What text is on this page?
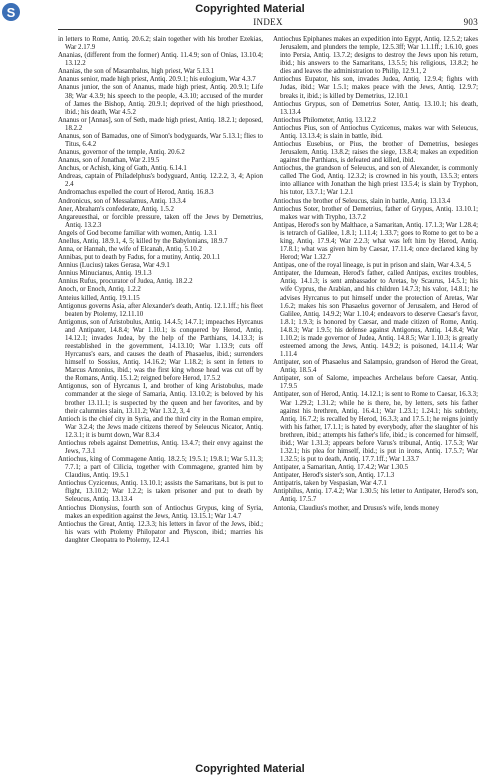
S	Copyrighted Material
INDEX	903

in letters to Rome, Antiq. 20.6.2; slain together with his brother Ezekias, War 2.17.9

Ananias, (different from the former) Antiq. 11.4.9; son of Onias, 13.10.4; 13.12.2

Ananias, the son of Masambalus, high priest, War 5.13.1

Ananus senior, made high priest, Antiq. 20.9.1; his eulogium, War 4.3.7

Ananus junior, the son of Ananus, made high priest, Antiq. 20.9.1; Life 38; War 4.3.9; his speech to the people, 4.3.10; accused of the murder of James the Bishop, Antiq. 20.9.1; deprived of the high priesthood, ibid.; his death, War 4.5.2

Ananus or [Annas], son of Seth, made high priest, Antiq. 18.2.1; deposed, 18.2.2

Ananus, son of Bamadus, one of Simon's bodyguards, War 5.13.1; flies to Titus, 6.4.2

Ananus, governor of the temple, Antiq. 20.6.2

Ananus, son of Jonathan, War 2.19.5

Anchus, or Achish, king of Gath, Antiq. 6.14.1

Andreas, captain of Philadelphus's bodyguard, Antiq. 12.2.2, 3, 4; Apion 2.4

Andromachus expelled the court of Herod, Antiq. 16.8.3

Andronicus, son of Messalamus, Antiq. 13.3.4

Aner, Abraham's confederate, Antiq. 1.5.2

Angareuesthai, or forcible pressure, taken off the Jews by Demetrius, Antiq. 13.2.3

Angels of God become familiar with women, Antiq. 1.3.1

Anellus, Antiq. 18.9.1, 4, 5; killed by the Babylonians, 18.9.7

Anna, or Hannah, the wife of Elcanah, Antiq. 5.10.2

Annibas, put to death by Fadus, for a mutiny, Antiq. 20.1.1

Annius (Lucius) takes Gerasa, War 4.9.1

Annius Minucianus, Antiq. 19.1.3

Annius Rufus, procurator of Judea, Antiq. 18.2.2

Anoch, or Enoch, Antiq. 1.2.2

Anteius killed, Antiq. 19.1.15

Antigonus governs Asia, after Alexander's death, Antiq. 12.1.1ff.; his fleet beaten by Ptolemy, 12.11.10

Antigonus, son of Aristobulus, Antiq. 14.4.5; 14.7.1; impeaches Hyrcanus and Antipater, 14.8.4; War 1.10.1; is conquered by Herod, Antiq. 14.12.1; invades Judea, by the help of the Parthians, 14.13.3; is reestablished in the government, 14.13.10; War 1.13.9; cuts off Hyrcanus's ears, and causes the death of Phasaelus, ibid.; surrenders himself to Sossius, Antiq. 14.16.2; War 1.18.2; is sent in fetters to Marcus Antonius, ibid.; was the first king whose head was cut off by the Romans, Antiq. 15.1.2; reigned before Herod, 17.5.2

Antigonus, son of Hyrcanus I, and brother of king Aristobulus, made commander at the siege of Samaria, Antiq. 13.10.2; is beloved by his brother 13.11.1; is suspected by the queen and her favorites, and by their calumnies slain, 13.11.2; War 1.3.2, 3, 4

Antioch is the chief city in Syria, and the third city in the Roman empire, War 3.2.4; the Jews made citizens thereof by Seleucus Nicator, Antiq. 12.3.1; it is burnt down, War 8.3.4

Antiochus rebels against Demetrius, Antiq. 13.4.7; their envy against the Jews, 7.3.1

Antiochus, king of Commagene Antiq. 18.2.5; 19.5.1; 19.8.1; War 5.11.3; 7.7.1; a part of Cilicia, together with Commagene, granted him by Claudius, Antiq. 19.5.1

Antiochus Cyzicenus, Antiq. 13.10.1; assists the Samaritans, but is put to flight, 13.10.2; War 1.2.2; is taken prisoner and put to death by Seleucus, Antiq. 13.13.4

Antiochus Dionysius, fourth son of Antiochus Grypus, king of Syria, makes an expedition against the Jews, Antiq. 13.15.1; War 1.4.7

Antiochus the Great, Antiq. 12.3.3; his letters in favor of the Jews, ibid.; his wars with Ptolemy Philopator and Physcon, ibid.; marries his daughter Cleopatra to Ptolemy, 12.4.1

Antiochus Epiphanes makes an expedition into Egypt, Antiq. 12.5.2; takes Jerusalem, and plunders the temple, 12.5.3ff; War 1.1.1ff.; 1.6.10, goes into Persia, Antiq. 13.7.2; designs to destroy the Jews upon his return, ibid.; his answers to the Samaritans, 13.5.5; his religious, 13.8.2; he dies and leaves the administration to Philip, 12.9.1, 2

Antiochus Eupator, his son, invades Judea, Antiq. 12.9.4; fights with Judas, ibid.; War 1.5.1; makes peace with the Jews, Antiq. 12.9.7; breaks it, ibid.; is killed by Demetrius, 12.10.1

Antiochus Grypus, son of Demetrius Soter, Antiq. 13.10.1; his death, 13.13.4

Antiochus Philometer, Antiq. 13.12.2

Antiochus Pius, son of Antiochus Cyzicenus, makes war with Seleucus, Antiq. 13.13.4; is slain in battle, ibid.

Antiochus Eusebius, or Pius, the brother of Demetrius, besieges Jerusalem, Antiq. 13.8.2; raises the siege, 13.8.4; makes an expedition against the Parthians, is defeated and killed, ibid.

Antiochus, the grandson of Seleucus, and son of Alexander, is commonly called The God, Antiq. 12.3.2; is crowned in his youth, 13.5.3; enters into alliance with Jonathan the high priest 13.5.4; is slain by Tryphon, his tutor, 13.7.1; War 1.2.1

Antiochus the brother of Seleucus, slain in battle, Antiq. 13.13.4

Antiochus Soter, brother of Demetrius, father of Grypus, Antiq. 13.10.1; makes war with Trypho, 13.7.2

Antipas, Herod's son by Malthace, a Samaritan, Antiq. 17.1.3; War 1.28.4; is tetrarch of Galilee, 1.8.1; 1.11.4; 1.33.7; goes to Rome to get to be a king, Antiq. 17.9.4; War 2.2.3; what was left him by Herod, Antiq. 17.8.1; what was given him by Caesar, 17.11.4; once declared king by Herod; War 1.32.7

Antipas, one of the royal lineage, is put in prison and slain, War 4.3.4, 5

Antipater, the Idumean, Herod's father, called Antipas, excites troubles, Antiq. 14.1.3; is sent ambassador to Aretas, by Scaurus, 14.5.1; his wife Cyprus, the Arabian, and his children 14.7.3; his valor, 14.8.1; he advises Hyrcanus to put himself under the protection of Aretas, War 1.6.2; makes his son Phasaelus governor of Jerusalem, and Herod of Galilee, Antiq. 14.9.2; War 1.10.4; endeavors to deserve Caesar's favor, 1.8.1; 1.9.3; is honored by Caesar, and made citizen of Rome, Antiq. 14.8.3; War 1.9.5; his defense against Antigonus, Antiq. 14.8.4; War 1.10.2; is made governor of Judea, Antiq. 14.8.5; War 1.10.3; is greatly esteemed among the Jews, Antiq. 14.9.2; is poisoned, 14.11.4; War 1.11.4

Antipater, son of Phasaelus and Salampsio, grandson of Herod the Great, Antiq. 18.5.4

Antipater, son of Salome, impeaches Archelaus before Caesar, Antiq. 17.9.5

Antipater, son of Herod, Antiq. 14.12.1; is sent to Rome to Caesar, 16.3.3; War 1.29.2; 1.31.2; while he is there, he, by letters, sets his father against his brethren, Antiq. 16.4.1; War 1.23.1; 1.24.1; his subtlety, Antiq. 16.7.2; is recalled by Herod, 16.3.3; and 17.5.1; he reigns jointly with his father, 17.1.1; is hated by everybody, after the slaughter of his brethren, ibid.; attempts his father's life, ibid.; is concerned for himself, ibid.; War 1.31.3; appears before Varus's tribunal, Antiq. 17.5.3; War 1.32.1; his plea for himself, ibid.; is put in irons, Antiq. 17.5.7; War 1.32.5; is put to death, Antiq. 17.7.1ff.; War 1.33.7

Antipater, a Samaritan, Antiq. 17.4.2; War 1.30.5

Antipater, Herod's sister's son, Antiq. 17.1.3

Antipatris, taken by Vespasian, War 4.7.1

Antiphilus, Antiq. 17.4.2; War 1.30.5; his letter to Antipater, Herod's son, Antiq. 17.5.7

Antonia, Claudius's mother, and Drusus's wife, lends money

Copyrighted Material
